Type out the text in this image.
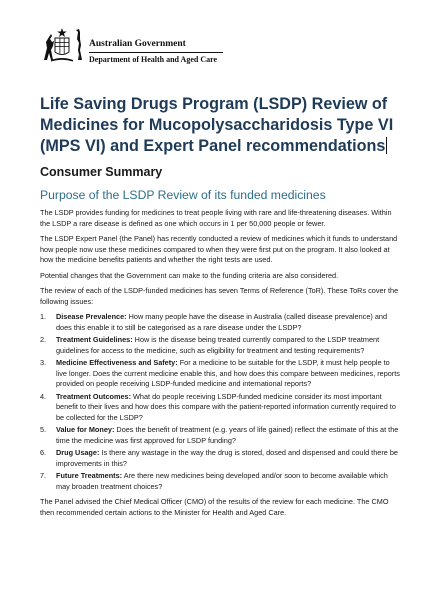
Australian Government
Department of Health and Aged Care
Life Saving Drugs Program (LSDP) Review of Medicines for Mucopolysaccharidosis Type VI (MPS VI) and Expert Panel recommendations
Consumer Summary
Purpose of the LSDP Review of its funded medicines

The LSDP provides funding for medicines to treat people living with rare and life-threatening diseases. Within the LSDP a rare disease is defined as one which occurs in 1 per 50,000 people or fewer.

The LSDP Expert Panel (the Panel) has recently conducted a review of medicines which it funds to understand how people now use these medicines compared to when they were first put on the program. It also looked at how the medicine benefits patients and whether the right tests are used.

Potential changes that the Government can make to the funding criteria are also considered.

The review of each of the LSDP-funded medicines has seven Terms of Reference (ToR). These ToRs cover the following issues:

1. Disease Prevalence: How many people have the disease in Australia (called disease prevalence) and does this enable it to still be categorised as a rare disease under the LSDP?
2. Treatment Guidelines: How is the disease being treated currently compared to the LSDP treatment guidelines for access to the medicine, such as eligibility for treatment and testing requirements?
3. Medicine Effectiveness and Safety: For a medicine to be suitable for the LSDP, it must help people to live longer. Does the current medicine enable this, and how does this compare between medicines, reports provided on people receiving LSDP-funded medicine and international reports?
4. Treatment Outcomes: What do people receiving LSDP-funded medicine consider its most important benefit to their lives and how does this compare with the patient-reported information currently required to be collected for the LSDP?
5. Value for Money: Does the benefit of treatment (e.g. years of life gained) reflect the estimate of this at the time the medicine was first approved for LSDP funding?
6. Drug Usage: Is there any wastage in the way the drug is stored, dosed and dispensed and could there be improvements in this?
7. Future Treatments: Are there new medicines being developed and/or soon to become available which may broaden treatment choices?

The Panel advised the Chief Medical Officer (CMO) of the results of the review for each medicine. The CMO then recommended certain actions to the Minister for Health and Aged Care.
